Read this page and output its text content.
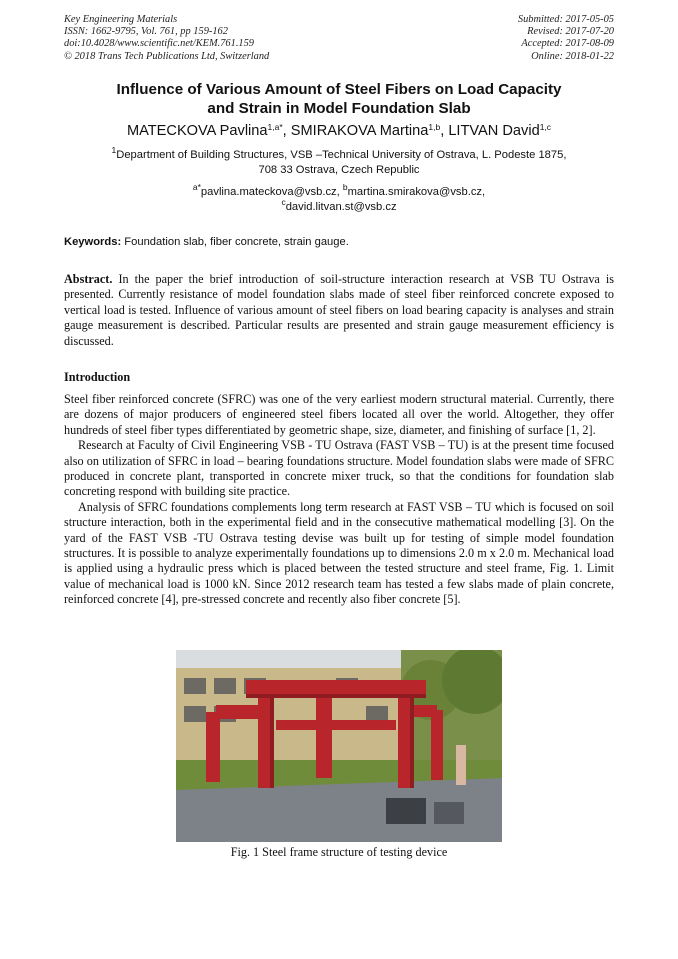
Key Engineering Materials
ISSN: 1662-9795, Vol. 761, pp 159-162
doi:10.4028/www.scientific.net/KEM.761.159
© 2018 Trans Tech Publications Ltd, Switzerland
Submitted: 2017-05-05
Revised: 2017-07-20
Accepted: 2017-08-09
Online: 2018-01-22
Influence of Various Amount of Steel Fibers on Load Capacity
and Strain in Model Foundation Slab
MATECKOVA Pavlina$^{1,a*}$, SMIRAKOVA Martina$^{1,b}$, LITVAN David$^{1,c}$
$^1$Department of Building Structures, VSB –Technical University of Ostrava, L. Podeste 1875,
708 33 Ostrava, Czech Republic
$^{a*}$pavlina.mateckova@vsb.cz, $^b$martina.smirakova@vsb.cz,
$^c$david.litvan.st@vsb.cz
Keywords: Foundation slab, fiber concrete, strain gauge.
Abstract. In the paper the brief introduction of soil-structure interaction research at VSB TU Ostrava is presented. Currently resistance of model foundation slabs made of steel fiber reinforced concrete exposed to vertical load is tested. Influence of various amount of steel fibers on load bearing capacity is analyses and strain gauge measurement is described. Particular results are presented and strain gauge measurement efficiency is discussed.
Introduction

Steel fiber reinforced concrete (SFRC) was one of the very earliest modern structural material. Currently, there are dozens of major producers of engineered steel fibers located all over the world. Altogether, they offer hundreds of steel fiber types differentiated by geometric shape, size, diameter, and finishing of surface [1, 2].

Research at Faculty of Civil Engineering VSB - TU Ostrava (FAST VSB – TU) is at the present time focused also on utilization of SFRC in load – bearing foundations structure. Model foundation slabs were made of SFRC produced in concrete plant, transported in concrete mixer truck, so that the conditions for foundation slab concreting respond with building site practice.

Analysis of SFRC foundations complements long term research at FAST VSB – TU which is focused on soil structure interaction, both in the experimental field and in the consecutive mathematical modelling [3]. On the yard of the FAST VSB -TU Ostrava testing devise was built up for testing of simple model foundation structures. It is possible to analyze experimentally foundations up to dimensions 2.0 m x 2.0 m. Mechanical load is applied using a hydraulic press which is placed between the tested structure and steel frame, Fig. 1. Limit value of mechanical load is 1000 kN. Since 2012 research team has tested a few slabs made of plain concrete, reinforced concrete [4], pre-stressed concrete and recently also fiber concrete [5].

Fig. 1 Steel frame structure of testing device
